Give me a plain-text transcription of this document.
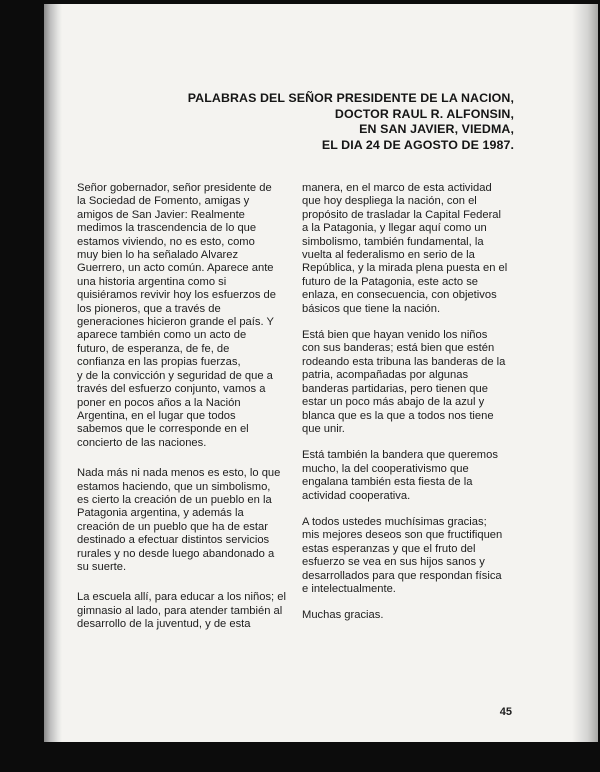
PALABRAS DEL SEÑOR PRESIDENTE DE LA NACION,
DOCTOR RAUL R. ALFONSIN,
EN SAN JAVIER, VIEDMA,
EL DIA 24 DE AGOSTO DE 1987.

Señor gobernador, señor presidente de
la Sociedad de Fomento, amigas y
amigos de San Javier: Realmente
medimos la trascendencia de lo que
estamos viviendo, no es esto, como
muy bien lo ha señalado Alvarez
Guerrero, un acto común. Aparece ante
una historia argentina como si
quisiéramos revivir hoy los esfuerzos de
los pioneros, que a través de
generaciones hicieron grande el país. Y
aparece también como un acto de
futuro, de esperanza, de fe, de
confianza en las propias fuerzas,
y de la convicción y seguridad de que a
través del esfuerzo conjunto, vamos a
poner en pocos años a la Nación
Argentina, en el lugar que todos
sabemos que le corresponde en el
concierto de las naciones.

Nada más ni nada menos es esto, lo que
estamos haciendo, que un simbolismo,
es cierto la creación de un pueblo en la
Patagonia argentina, y además la
creación de un pueblo que ha de estar
destinado a efectuar distintos servicios
rurales y no desde luego abandonado a
su suerte.

La escuela allí, para educar a los niños; el
gimnasio al lado, para atender también al
desarrollo de la juventud, y de esta

manera, en el marco de esta actividad
que hoy despliega la nación, con el
propósito de trasladar la Capital Federal
a la Patagonia, y llegar aquí como un
simbolismo, también fundamental, la
vuelta al federalismo en serio de la
República, y la mirada plena puesta en el
futuro de la Patagonia, este acto se
enlaza, en consecuencia, con objetivos
básicos que tiene la nación.

Está bien que hayan venido los niños
con sus banderas; está bien que estén
rodeando esta tribuna las banderas de la
patria, acompañadas por algunas
banderas partidarias, pero tienen que
estar un poco más abajo de la azul y
blanca que es la que a todos nos tiene
que unir.

Está también la bandera que queremos
mucho, la del cooperativismo que
engalana también esta fiesta de la
actividad cooperativa.

A todos ustedes muchísimas gracias;
mis mejores deseos son que fructifiquen
estas esperanzas y que el fruto del
esfuerzo se vea en sus hijos sanos y
desarrollados para que respondan física
e intelectualmente.

Muchas gracias.

45
